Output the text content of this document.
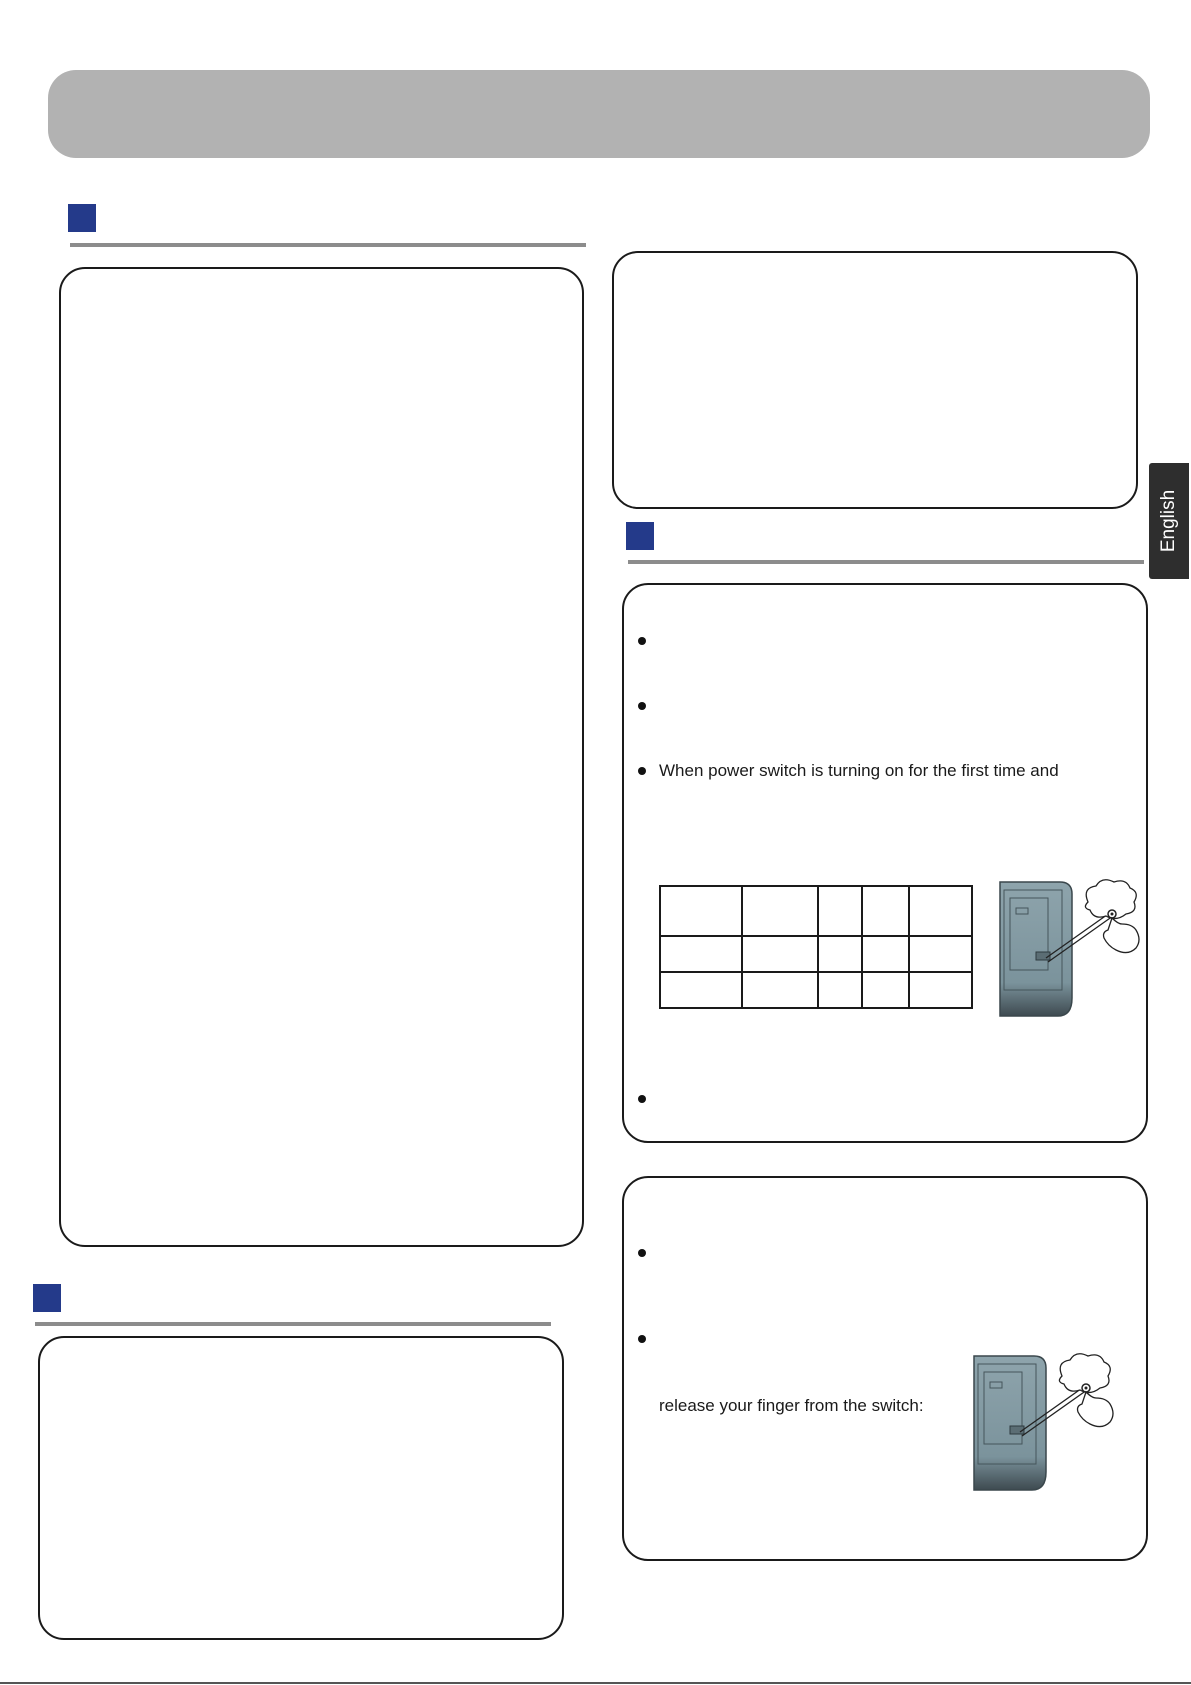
English
When power switch is turning on for the first time and

release your finger from the switch:
